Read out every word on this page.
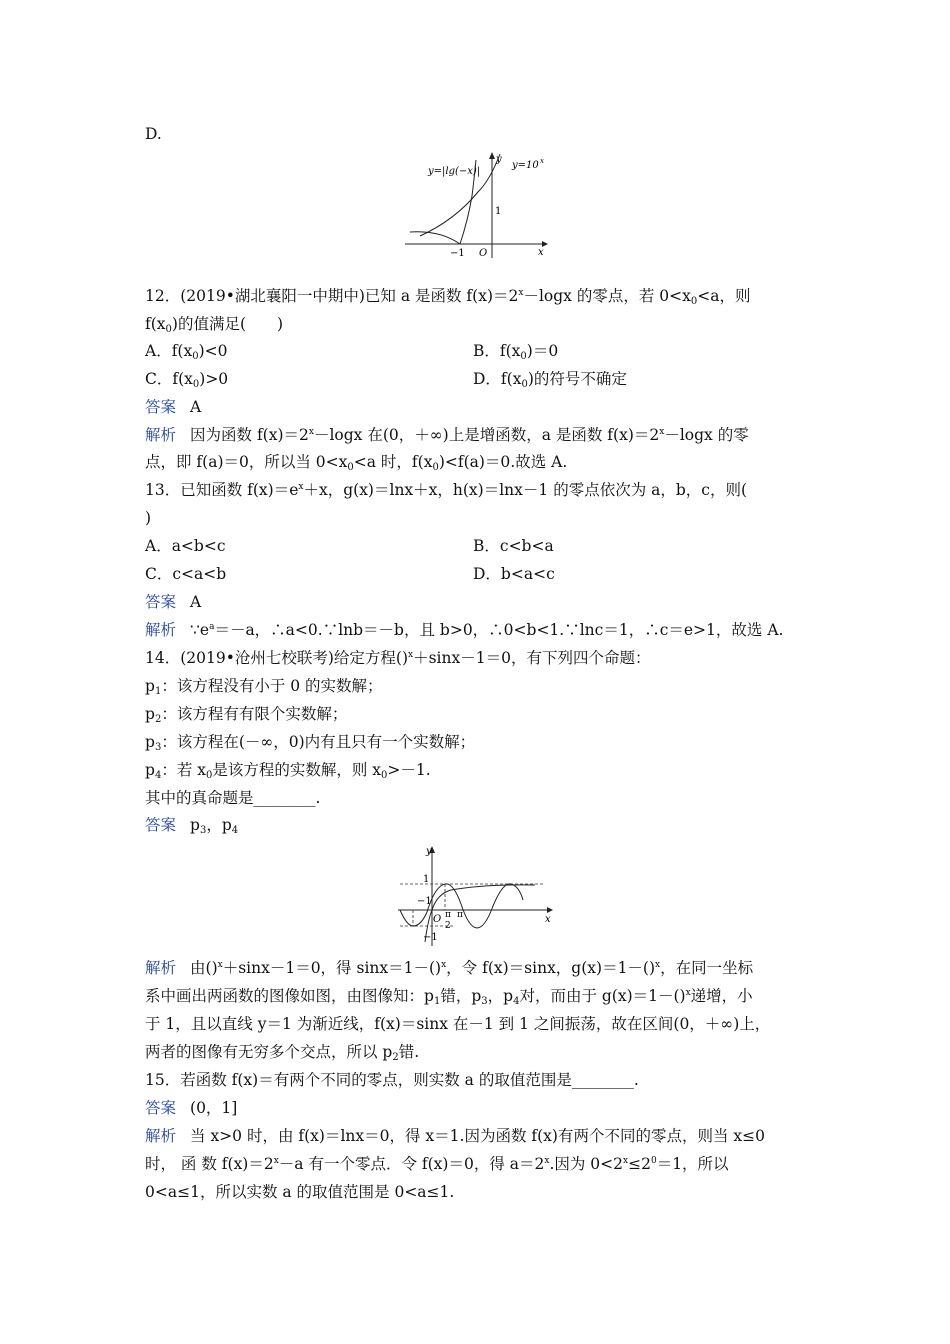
D.
y=|lg(−x)|
y=10 x
y
x
1
−1 O
12．(2019•湖北襄阳一中期中)已知 a 是函数 $f(x)=2^x-\log x$ 的零点，若 $0<x_0<a$，则
$f(x_0)$的值满足(　　)
A．$f(x_0)<0$	B．$f(x_0)=0$
C．$f(x_0)>0$	D．$f(x_0)$的符号不确定
答案 A
解析 因为函数 $f(x)=2^x-\log x$ 在(0，＋∞)上是增函数，a 是函数 $f(x)=2^x-\log x$ 的零
点，即 f(a)＝0，所以当 $0<x_0<a$ 时，$f(x_0)<f(a)=0$.故选 A.
13．已知函数 $f(x)=e^x+x$，g(x)＝lnx＋x，h(x)＝lnx－1 的零点依次为 a，b，c，则(
)
A．a<b<c	B．c<b<a
C．c<a<b	D．b<a<c
答案 A
解析 $\because e^a=-a$，∴a<0.∵lnb＝－b，且 b>0，∴0<b<1.∵lnc＝1，∴c＝e>1，故选 A.
14．(2019•沧州七校联考)给定方程()$^x$＋sinx－1＝0，有下列四个命题：
$p_1$：该方程没有小于 0 的实数解；
$p_2$：该方程有有限个实数解；
$p_3$：该方程在(－∞，0)内有且只有一个实数解；
$p_4$：若 $x_0$是该方程的实数解，则 $x_0>-1$.
其中的真命题是________.
答案 $p_3$，$p_4$
y
x
1
−1
−1
O π
2
π
解析 由()$^x$＋sinx－1＝0，得 sinx＝1－()$^x$，令 f(x)＝sinx，g(x)＝1－()$^x$，在同一坐标
系中画出两函数的图像如图，由图像知：$p_1$错，$p_3$，$p_4$对，而由于 g(x)＝1－()$^x$递增，小
于 1，且以直线 y＝1 为渐近线，f(x)＝sinx 在－1 到 1 之间振荡，故在区间(0，＋∞)上，
两者的图像有无穷多个交点，所以 $p_2$错.
15．若函数 f(x)＝有两个不同的零点，则实数 a 的取值范围是________.
答案 (0，1]
解析 当 x>0 时，由 f(x)＝lnx＝0，得 x＝1.因为函数 f(x)有两个不同的零点，则当 x≤0
时， 函 数 $f(x)=2^x-a$ 有一个零点．令 f(x)＝0，得 $a=2^x$.因为 $0<2^x\le 2^0=1$，所以
0<a≤1，所以实数 a 的取值范围是 0<a≤1.
